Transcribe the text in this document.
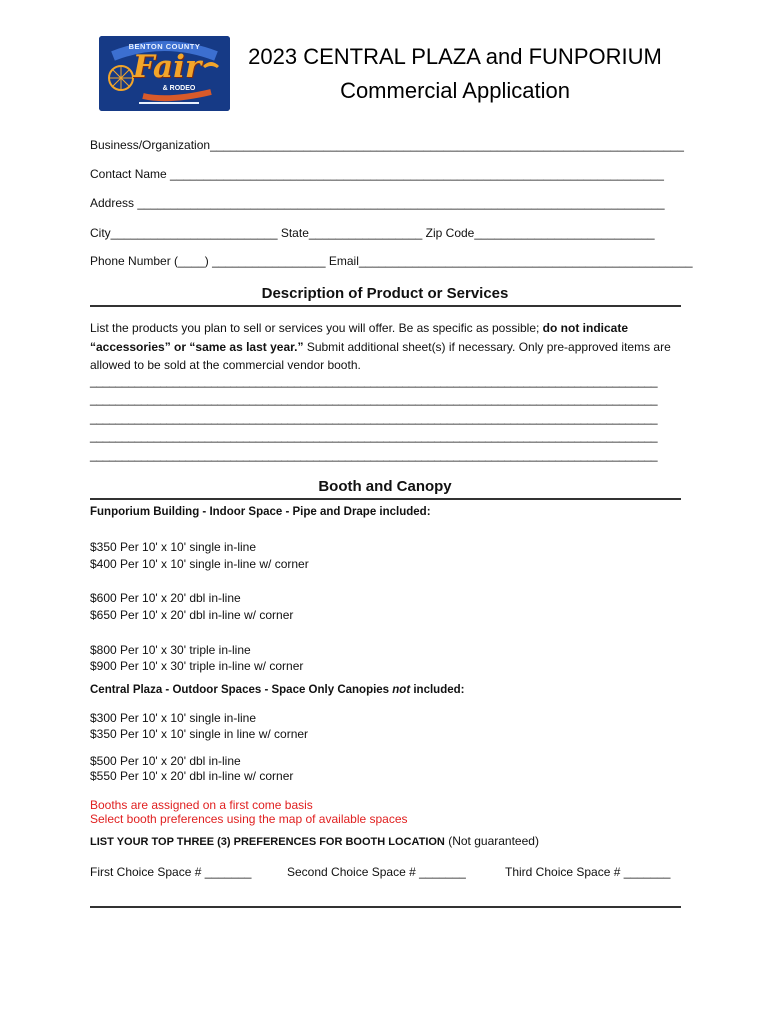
BENTON COUNTY
Fair
& RODEO
2023 CENTRAL PLAZA and FUNPORIUM
Commercial Application
Business/Organization_______________________________________________________________________
Contact Name __________________________________________________________________________
Address _______________________________________________________________________________
City_________________________ State_________________ Zip Code___________________________
Phone Number (____) _________________ Email__________________________________________________
Description of Product or Services
List the products you plan to sell or services you will offer. Be as specific as possible; do not indicate “accessories” or “same as last year.” Submit additional sheet(s) if necessary. Only pre-approved items are allowed to be sold at the commercial vendor booth.
_________________________________________________________________________________________
_________________________________________________________________________________________
_________________________________________________________________________________________
_________________________________________________________________________________________
_________________________________________________________________________________________
Booth and Canopy
Funporium Building - Indoor Space - Pipe and Drape included:
$350 Per 10' x 10' single in-line
$400 Per 10' x 10' single in-line w/ corner
$600 Per 10' x 20' dbl in-line
$650 Per 10' x 20' dbl in-line w/ corner
$800 Per 10' x 30' triple in-line
$900 Per 10' x 30' triple in-line w/ corner
Central Plaza - Outdoor Spaces - Space Only Canopies not included:
$300 Per 10' x 10' single in-line
$350 Per 10' x 10' single in line w/ corner
$500 Per 10' x 20' dbl in-line
$550 Per 10' x 20' dbl in-line w/ corner
Booths are assigned on a first come basis
Select booth preferences using the map of available spaces
LIST YOUR TOP THREE (3) PREFERENCES FOR BOOTH LOCATION (Not guaranteed)
First Choice Space # _______	Second Choice Space # _______	Third Choice Space # _______
